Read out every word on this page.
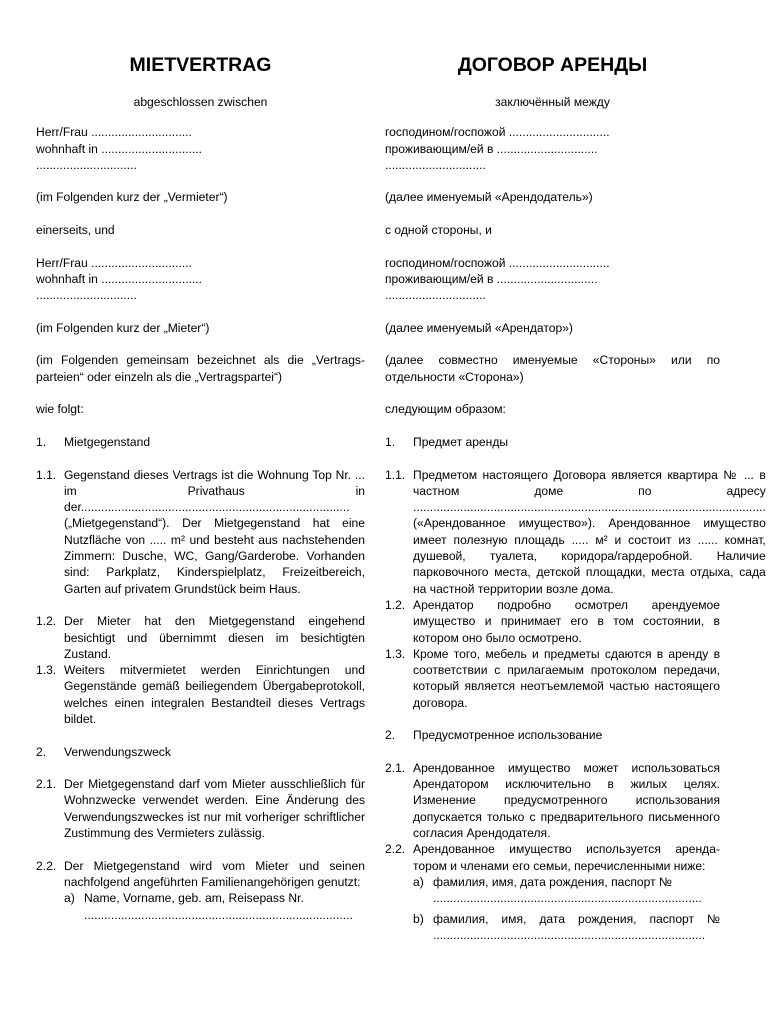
MIETVERTRAG
abgeschlossen zwischen

Herr/Frau ..............................

wohnhaft in ..............................

..............................

(im Folgenden kurz der „Vermieter“)

einerseits, und

Herr/Frau ..............................

wohnhaft in ..............................

..............................

(im Folgenden kurz der „Mieter“)

(im Folgenden gemeinsam bezeichnet als die „Vertrags-parteien“ oder einzeln als die „Vertragspartei“)

wie folgt:

1.	Mietgegenstand
1.1. Gegenstand dieses Vertrags ist die Wohnung Top Nr. ... im Privathaus in der................................................................................ („Mietgegenstand“). Der Mietgegenstand hat eine Nutzfläche von ..... m² und besteht aus nachstehenden Zimmern: Dusche, WC, Gang/Garderobe. Vorhanden sind: Parkplatz, Kinderspielplatz, Freizeitbereich, Garten auf privatem Grundstück beim Haus.
1.2. Der Mieter hat den Mietgegenstand eingehend besichtigt und übernimmt diesen im besichtigten Zustand.
1.3. Weiters mitvermietet werden Einrichtungen und Gegenstände gemäß beiliegendem Übergabeprotokoll, welches einen integralen Bestandteil dieses Vertrags bildet.
2.	Verwendungszweck
2.1. Der Mietgegenstand darf vom Mieter ausschließlich für Wohnzwecke verwendet werden. Eine Änderung des Verwendungszweckes ist nur mit vorheriger schriftlicher Zustimmung des Vermieters zulässig.
2.2. Der Mietgegenstand wird vom Mieter und seinen nachfolgend angeführten Familienangehörigen genutzt:

a) Name, Vorname, geb. am, Reisepass Nr.

................................................................................

ДОГОВОР АРЕНДЫ
заключённый между

господином/госпожой ..............................

проживающим/ей в ..............................

..............................

(далее именуемый «Арендодатель»)

с одной стороны, и

господином/госпожой ..............................

проживающим/ей в ..............................

..............................

(далее именуемый «Арендатор»)

(далее совместно именуемые «Стороны» или по отдельности «Сторона»)

следующим образом:

1.	Предмет аренды
1.1. Предметом настоящего Договора является квартира № ... в частном доме по адресу ......................................................................................................... («Арендованное имущество»). Арендованное имущество имеет полезную площадь ..... м² и состоит из ...... комнат, душевой, туалета, коридора/гардеробной. Наличие парковочного места, детской площадки, места отдыха, сада на частной территории возле дома.
1.2. Арендатор подробно осмотрел арендуемое имущество и принимает его в том состоянии, в котором оно было осмотрено.
1.3. Кроме того, мебель и предметы сдаются в аренду в соответствии с прилагаемым протоколом передачи, который является неотъемлемой частью настоящего договора.
2.	Предусмотренное использование
2.1. Арендованное имущество может использоваться Арендатором исключительно в жилых целях. Изменение предусмотренного использования допускается только с предварительного письменного согласия Арендодателя.
2.2. Арендованное имущество используется аренда-тором и членами его семьи, перечисленными ниже:

a) фамилия, имя, дата рождения, паспорт №

................................................................................

b) фамилия, имя, дата рождения, паспорт № .................................................................................
